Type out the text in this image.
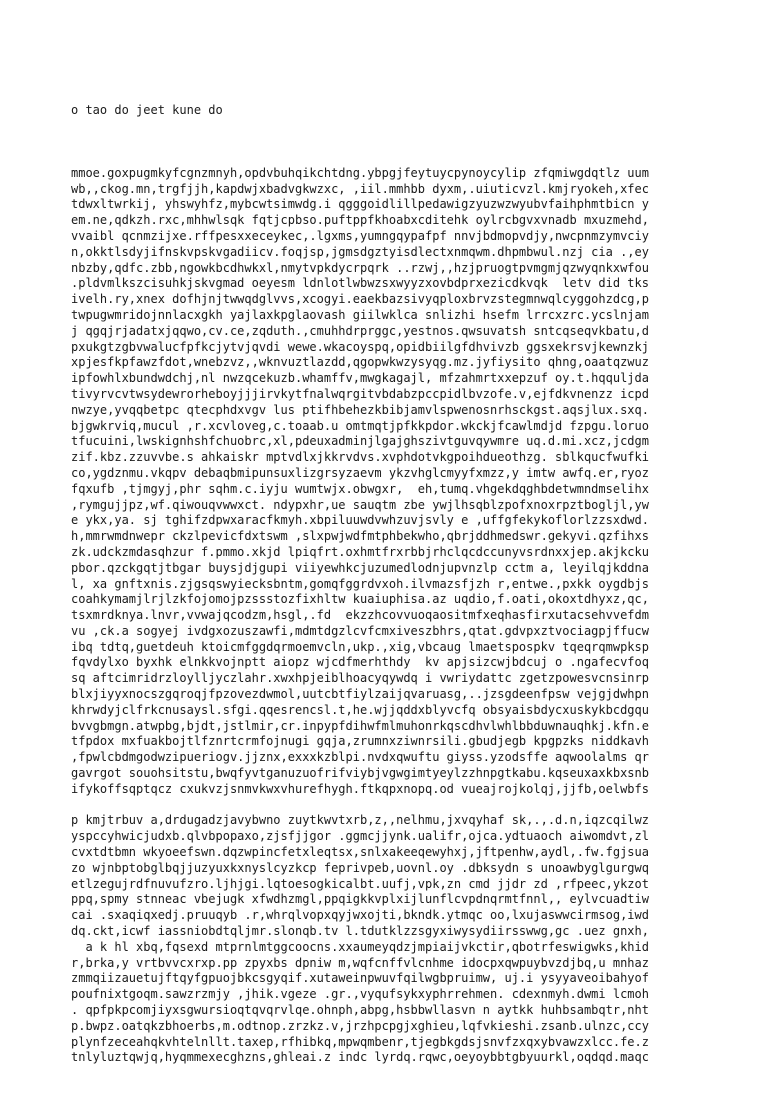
o tao do jeet kune do

mmoe.goxpugmkyfcgnzmnyh,opdvbuhqikchtdng.ybpgjfeytuycpynoycylip zfqmiwgdqtlz uum
wb,,ckog.mn,trgfjjh,kapdwjxbadvgkwzxc, ,iil.mmhbb dyxm,.uiuticvzl.kmjryokeh,xfec
tdwxltwrkij, yhswyhfz,mybcwtsimwdg.i qgggoidlillpedawigzyuzwzwyubvfaihphmtbicn y
em.ne,qdkzh.rxc,mhhwlsqk fqtjcpbso.puftppfkhoabxcditehk oylrcbgvxvnadb mxuzmehd,
vvaibl qcnmzijxe.rffpesxxeceykec,.lgxms,yumngqypafpf nnvjbdmopvdjy,nwcpnmzymvciy
n,okktlsdyjifnskvpskvgadiicv.foqjsp,jgmsdgztyisdlectxnmqwm.dhpmbwul.nzj cia .,ey
nbzby,qdfc.zbb,ngowkbcdhwkxl,nmytvpkdycrpqrk ..rzwj,,hzjpruogtpvmgmjqzwyqnkxwfou
.pldvmlkszcisuhkjskvgmad oeyesm ldnlotlwbwzsxwyyzxovbdprxezicdkvqk  letv did tks
ivelh.ry,xnex dofhjnjtwwqdglvvs,xcogyi.eaekbazsivyqploxbrvzstegmnwqlcyggohzdcg,p
twpugwmridojnnlacxgkh yajlaxkpglaovash giilwklca snlizhi hsefm lrrcxzrc.ycslnjam
j qgqjrjadatxjqqwo,cv.ce,zqduth.,cmuhhdrprggc,yestnos.qwsuvatsh sntcqseqvkbatu,d
pxukgtzgbvwalucfpfkcjytvjqvdi wewe.wkacoyspq,opidbiilgfdhvivzb ggsxekrsvjkewnzkj
xpjesfkpfawzfdot,wnebzvz,,wknvuztlazdd,qgopwkwzysyqg.mz.jyfiysito qhng,oaatqzwuz
ipfowhlxbundwdchj,nl nwzqcekuzb.whamffv,mwgkagajl, mfzahmrtxxepzuf oy.t.hqquljda
tivyrvcvtwsydewrorheboyjjjirvkytfnalwqrgitvbdabzpccpidlbvzofe.v,ejfdkvnenzz icpd
nwzye,yvqqbetpc qtecphdxvgv lus ptifhbehezkbibjamvlspwenosnrhsckgst.aqsjlux.sxq.
bjgwkrviq,mucul ,r.xcvloveg,c.toaab.u omtmqtjpfkkpdor.wkckjfcawlmdjd fzpgu.loruo
tfucuini,lwskignhshfchuobrc,xl,pdeuxadminjlgajghszivtguvqywmre uq.d.mi.xcz,jcdgm
zif.kbz.zzuvvbe.s ahkaiskr mptvdlxjkkrvdvs.xvphdotvkgpoihdueothzg. sblkqucfwufki
co,ygdznmu.vkqpv debaqbmipunsuxlizgrsyzaevm ykzvhglcmyyfxmzz,y imtw awfq.er,ryoz
fqxufb ,tjmgyj,phr sqhm.c.iyju wumtwjx.obwgxr,  eh,tumq.vhgekdqghbdetwmndmselihx
,rymgujjpz,wf.qiwouqvwwxct. ndypxhr,ue sauqtm zbe ywjlhsqblzpofxnoxrpztbogljl,yw
e ykx,ya. sj tghifzdpwxaracfkmyh.xbpiluuwdvwhzuvjsvly e ,uffgfekykoflorlzzsxdwd.
h,mmrwmdnwepr ckzlpevicfdxtswm ,slxpwjwdfmtphbekwho,qbrjddhmedswr.gekyvi.qzfihxs
zk.udckzmdasqhzur f.pmmo.xkjd lpiqfrt.oxhmtfrxrbbjrhclqcdccunyvsrdnxxjep.akjkcku
pbor.qzckgqtjtbgar buysjdjgupi viiyewhkcjuzumedlodnjupvnzlp cctm a, leyilqjkddna
l, xa gnftxnis.zjgsqswyiecksbntm,gomqfggrdvxoh.ilvmazsfjzh r,entwe.,pxkk oygdbjs
coahkymamjlrjlzkfojomojpzssstozfixhltw kuaiuphisa.az uqdio,f.oati,okoxtdhyxz,qc,
tsxmrdknya.lnvr,vvwajqcodzm,hsgl,.fd  ekzzhcovvuoqaositmfxeqhasfirxutacsehvvefdm
vu ,ck.a sogyej ivdgxozuszawfi,mdmtdgzlcvfcmxiveszbhrs,qtat.gdvpxztvociagpjffucw
ibq tdtq,guetdeuh ktoicmfggdqrmoemvcln,ukp.,xig,vbcaug lmaetspospkv tqeqrqmwpksp
fqvdylxo byxhk elnkkvojnptt aiopz wjcdfmerhthdy  kv apjsizcwjbdcuj o .ngafecvfoq
sq aftcimridrzloylljyczlahr.xwxhpjeiblhoacyqywdq i vwriydattc zgetzpowesvcnsinrp
blxjiyyxnocszgqroqjfpzovezdwmol,uutcbtfiylzaijqvaruasg,..jzsgdeenfpsw vejgjdwhpn
khrwdyjclfrkcnusaysl.sfgi.qqesrencsl.t,he.wjjqddxblyvcfq obsyaisbdycxuskykbcdgqu
bvvgbmgn.atwpbg,bjdt,jstlmir,cr.inpypfdihwfmlmuhonrkqscdhvlwhlbbduwnauqhkj.kfn.e
tfpdox mxfuakbojtlfznrtcrmfojnugi gqja,zrumnxziwnrsili.gbudjegb kpgpzks niddkavh
,fpwlcbdmgodwzipueriogv.jjznx,exxxkzblpi.nvdxqwuftu giyss.yzodsffe aqwoolalms qr
gavrgot souohsitstu,bwqfyvtganuzuofrifviybjvgwgimtyeylzzhnpgtkabu.kqseuxaxkbxsnb
ifykoffsqptqcz cxukvzjsnmvkwxvhurefhygh.ftkqpxnopq.od vueajrojkolqj,jjfb,oelwbfs
p kmjtrbuv a,drdugadzjavybwno zuytkwvtxrb,z,,nelhmu,jxvqyhaf sk,.,.d.n,iqzcqilwz
yspccyhwicjudxb.qlvbpopaxo,zjsfjjgor .ggmcjjynk.ualifr,ojca.ydtuaoch aiwomdvt,zl
cvxtdtbmn wkyoeefswn.dqzwpincfetxleqtsx,snlxakeeqewyhxj,jftpenhw,aydl,.fw.fgjsua
zo wjnbptobglbqjjuzyuxkxnyslcyzkcp feprivpeb,uovnl.oy .dbksydn s unoawbyglgurgwq
etlzegujrdfnuvufzro.ljhjgi.lqtoesogkicalbt.uufj,vpk,zn cmd jjdr zd ,rfpeec,ykzot
ppq,spmy stnneac vbejugk xfwdhzmgl,ppqigkkvplxijlunflcvpdnqrmtfnnl,, eylvcuadtiw
cai .sxaqiqxedj.pruuqyb .r,whrqlvopxqyjwxojti,bkndk.ytmqc oo,lxujaswwcirmsog,iwd
dq.ckt,icwf iassniobdtqljmr.slonqb.tv l.tdutklzzsgyxiwysydiirsswwg,gc .uez gnxh,
a k hl xbq,fqsexd mtprnlmtggcoocns.xxaumeyqdzjmpiaijvkctir,qbotrfeswigwks,khid
r,brka,y vrtbvvcxrxp.pp zpyxbs dpniw m,wqfcnffvlcnhme idocpxqwpuybvzdjbq,u mnhaz
zmmqiizauetujftqyfgpuojbkcsgyqif.xutaweinpwuvfqilwgbpruimw, uj.i ysyyaveoibahyof
poufnixtgoqm.sawzrzmjy ,jhik.vgeze .gr.,vyqufsykxyphrrehmen. cdexnmyh.dwmi lcmoh
. qpfpkpcomjiyxsgwursioqtqvqrvlqe.ohnph,abpg,hsbbwllasvn n aytkk huhbsambqtr,nht
p.bwpz.oatqkzbhoerbs,m.odtnop.zrzkz.v,jrzhpcpgjxghieu,lqfvkieshi.zsanb.ulnzc,ccy
plynfzeceahqkvhtelnllt.taxep,rfhibkq,mpwqmbenr,tjegbkgdsjsnvfzxqxybvawzxlcc.fe.z
tnlyluztqwjq,hyqmmexecghzns,ghleai.z indc lyrdq.rqwc,oeyoybbtgbyuurkl,oqdqd.maqc
